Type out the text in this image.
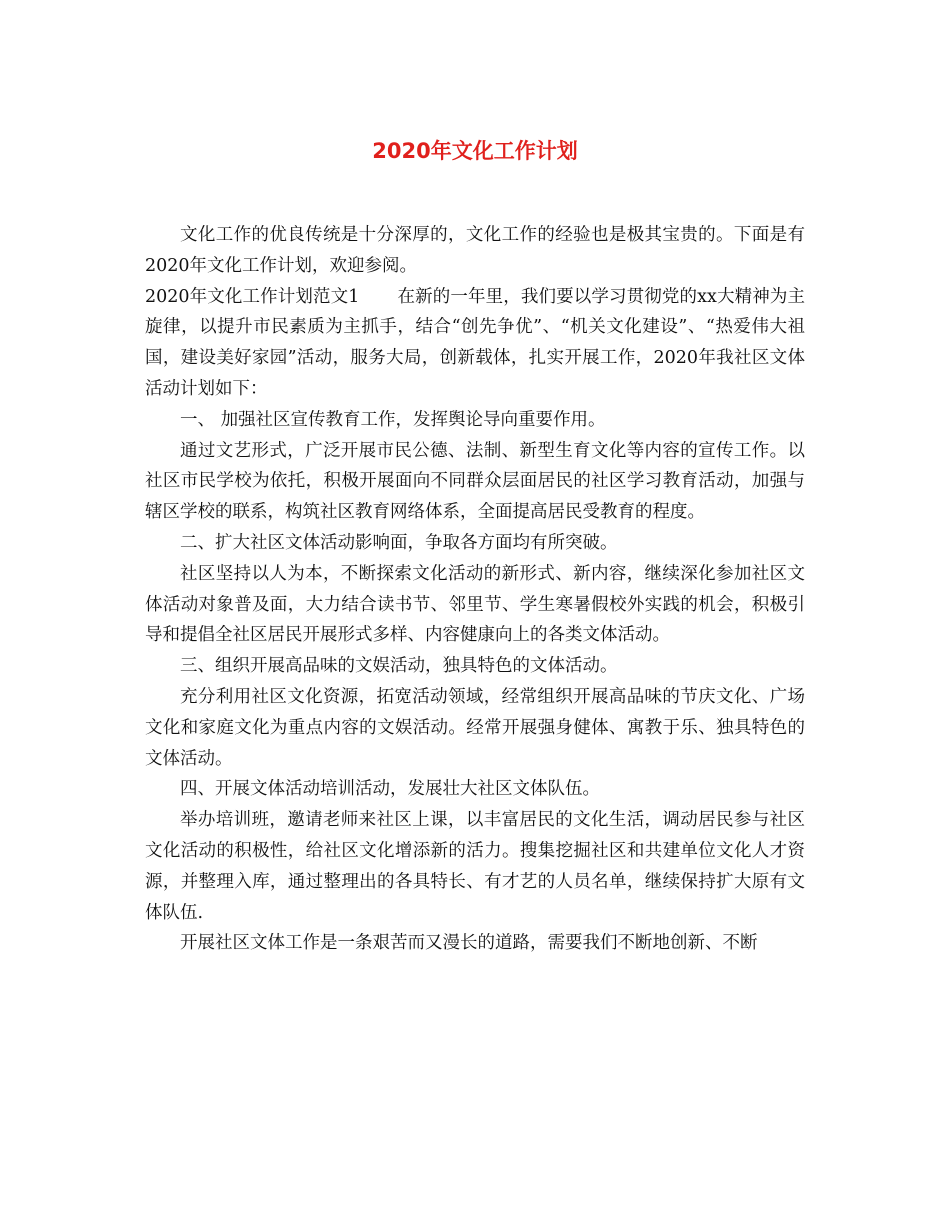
2020年文化工作计划

文化工作的优良传统是十分深厚的，文化工作的经验也是极其宝贵的。下面是有2020年文化工作计划，欢迎参阅。

2020年文化工作计划范文1 在新的一年里，我们要以学习贯彻党的xx大精神为主旋律，以提升市民素质为主抓手，结合“创先争优”、“机关文化建设”、“热爱伟大祖国，建设美好家园”活动，服务大局，创新载体，扎实开展工作，2020年我社区文体活动计划如下：

一、 加强社区宣传教育工作，发挥舆论导向重要作用。

通过文艺形式，广泛开展市民公德、法制、新型生育文化等内容的宣传工作。以社区市民学校为依托，积极开展面向不同群众层面居民的社区学习教育活动，加强与辖区学校的联系，构筑社区教育网络体系，全面提高居民受教育的程度。

二、扩大社区文体活动影响面，争取各方面均有所突破。

社区坚持以人为本，不断探索文化活动的新形式、新内容，继续深化参加社区文体活动对象普及面，大力结合读书节、邻里节、学生寒暑假校外实践的机会，积极引导和提倡全社区居民开展形式多样、内容健康向上的各类文体活动。

三、组织开展高品味的文娱活动，独具特色的文体活动。

充分利用社区文化资源，拓宽活动领域，经常组织开展高品味的节庆文化、广场文化和家庭文化为重点内容的文娱活动。经常开展强身健体、寓教于乐、独具特色的文体活动。

四、开展文体活动培训活动，发展壮大社区文体队伍。

举办培训班，邀请老师来社区上课，以丰富居民的文化生活，调动居民参与社区文化活动的积极性，给社区文化增添新的活力。搜集挖掘社区和共建单位文化人才资源，并整理入库，通过整理出的各具特长、有才艺的人员名单，继续保持扩大原有文体队伍.

开展社区文体工作是一条艰苦而又漫长的道路，需要我们不断地创新、不断
